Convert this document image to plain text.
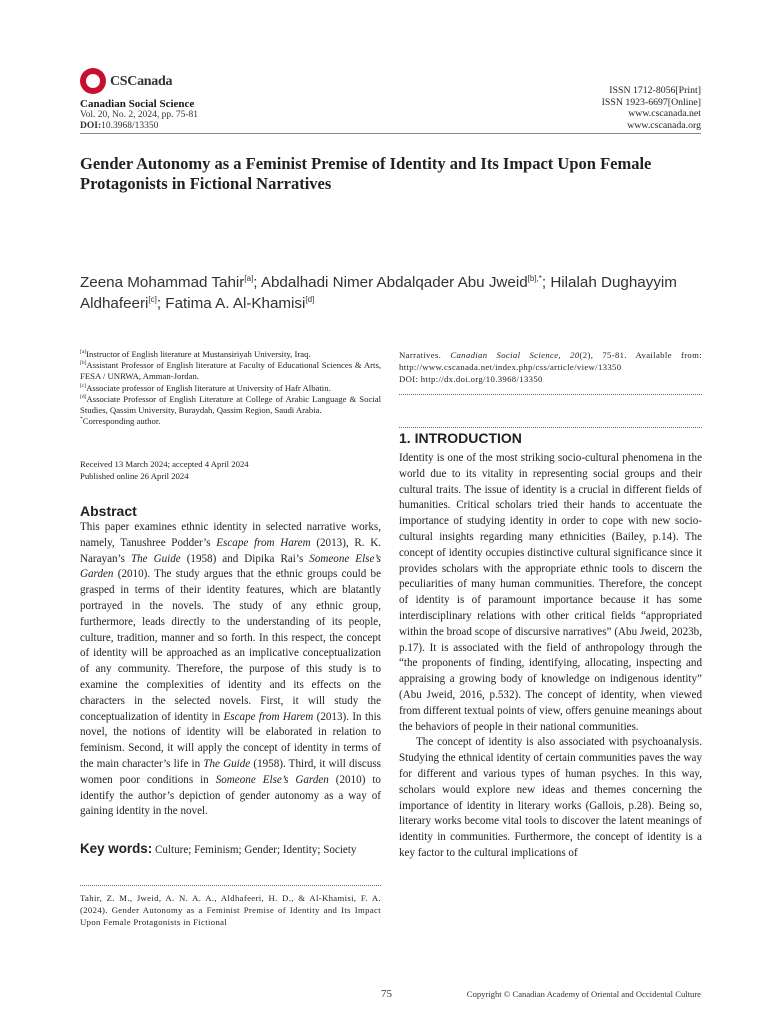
CSCanada
Canadian Social Science
Vol. 20, No. 2, 2024, pp. 75-81
DOI:10.3968/13350
ISSN 1712-8056[Print]
ISSN 1923-6697[Online]
www.cscanada.net
www.cscanada.org
Gender Autonomy as a Feminist Premise of Identity and Its Impact Upon Female Protagonists in Fictional Narratives
Zeena Mohammad Tahir[a]; Abdalhadi Nimer Abdalqader Abu Jweid$^{[b],*}$; Hilalah Dughayyim Aldhafeeri[c]; Fatima A. Al-Khamisi[d]
[a]Instructor of English literature at Mustansiriyah University, Iraq.
[b]Assistant Professor of English literature at Faculty of Educational Sciences & Arts, FESA / UNRWA, Amman-Jordan.
[c]Associate professor of English literature at University of Hafr Albatin.
[d]Associate Professor of English Literature at College of Arabic Language & Social Studies, Qassim University, Buraydah, Qassim Region, Saudi Arabia.
*Corresponding author.
Received 13 March 2024; accepted 4 April 2024
Published online 26 April 2024
Abstract
This paper examines ethnic identity in selected narrative works, namely, Tanushree Podder’s Escape from Harem (2013), R. K. Narayan’s The Guide (1958) and Dipika Rai’s Someone Else’s Garden (2010). The study argues that the ethnic groups could be grasped in terms of their identity features, which are blatantly portrayed in the novels. The study of any ethnic group, furthermore, leads directly to the understanding of its people, culture, tradition, manner and so forth. In this respect, the concept of identity will be approached as an implicative conceptualization of any community. Therefore, the purpose of this study is to examine the complexities of identity and its effects on the characters in the selected novels. First, it will study the conceptualization of identity in Escape from Harem (2013). In this novel, the notions of identity will be elaborated in relation to feminism. Second, it will apply the concept of identity in terms of the main character’s life in The Guide (1958). Third, it will discuss women poor conditions in Someone Else’s Garden (2010) to identify the author’s depiction of gender autonomy as a way of gaining identity in the novel.
Key words: Culture; Feminism; Gender; Identity; Society
Tahir, Z. M., Jweid, A. N. A. A., Aldhafeeri, H. D., & Al-Khamisi, F. A. (2024). Gender Autonomy as a Feminist Premise of Identity and Its Impact Upon Female Protagonists in Fictional
Narratives. Canadian Social Science, 20(2), 75-81. Available from: http://www.cscanada.net/index.php/css/article/view/13350
DOI: http://dx.doi.org/10.3968/13350
1. INTRODUCTION

Identity is one of the most striking socio-cultural phenomena in the world due to its vitality in representing social groups and their cultural traits. The issue of identity is a crucial in different fields of humanities. Critical scholars tried their hands to accentuate the importance of studying identity in order to cope with new socio-cultural insights regarding many ethnicities (Bailey, p.14). The concept of identity occupies distinctive cultural significance since it provides scholars with the appropriate ethnic tools to discern the peculiarities of many human communities. Therefore, the concept of identity is of paramount importance because it has some interdisciplinary relations with other critical fields “appropriated within the broad scope of discursive narratives” (Abu Jweid, 2023b, p.17). It is associated with the field of anthropology through the “the proponents of finding, identifying, allocating, inspecting and appraising a growing body of knowledge on indigenous identity” (Abu Jweid, 2016, p.532). The concept of identity, when viewed from different textual points of view, offers genuine meanings about the behaviors of people in their national communities.

The concept of identity is also associated with psychoanalysis. Studying the ethnical identity of certain communities paves the way for different and various types of human psyches. In this way, scholars would explore new ideas and themes concerning the importance of identity in literary works (Gallois, p.28). Being so, literary works become vital tools to discover the latent meanings of identity in communities. Furthermore, the concept of identity is a key factor to the cultural implications of

75	Copyright © Canadian Academy of Oriental and Occidental Culture
